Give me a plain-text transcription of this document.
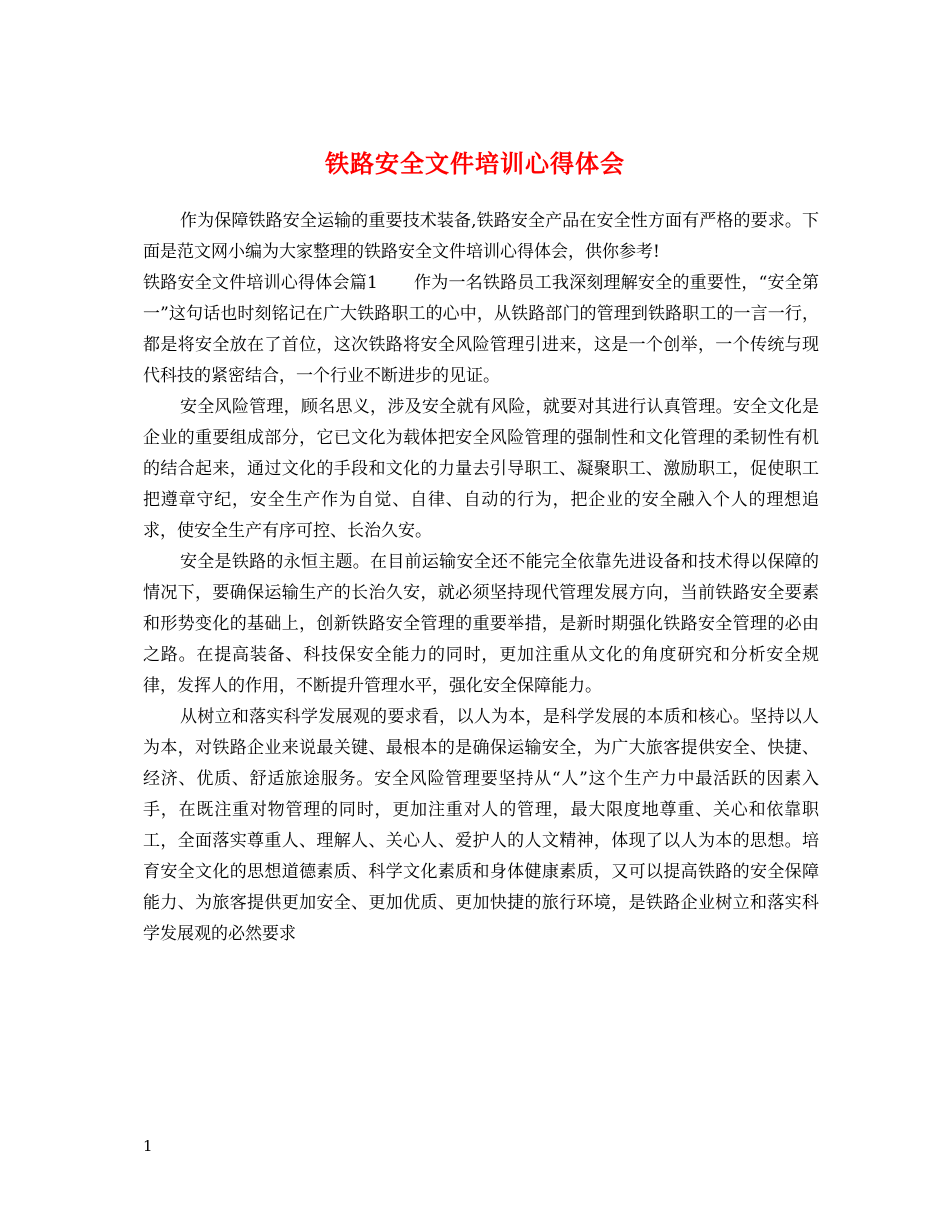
铁路安全文件培训心得体会

作为保障铁路安全运输的重要技术装备,铁路安全产品在安全性方面有严格的要求。下面是范文网小编为大家整理的铁路安全文件培训心得体会，供你参考!

铁路安全文件培训心得体会篇1 作为一名铁路员工我深刻理解安全的重要性，“安全第一”这句话也时刻铭记在广大铁路职工的心中，从铁路部门的管理到铁路职工的一言一行，都是将安全放在了首位，这次铁路将安全风险管理引进来，这是一个创举，一个传统与现代科技的紧密结合，一个行业不断进步的见证。

安全风险管理，顾名思义，涉及安全就有风险，就要对其进行认真管理。安全文化是企业的重要组成部分，它已文化为载体把安全风险管理的强制性和文化管理的柔韧性有机的结合起来，通过文化的手段和文化的力量去引导职工、凝聚职工、激励职工，促使职工把遵章守纪，安全生产作为自觉、自律、自动的行为，把企业的安全融入个人的理想追求，使安全生产有序可控、长治久安。

安全是铁路的永恒主题。在目前运输安全还不能完全依靠先进设备和技术得以保障的情况下，要确保运输生产的长治久安，就必须坚持现代管理发展方向，当前铁路安全要素和形势变化的基础上，创新铁路安全管理的重要举措，是新时期强化铁路安全管理的必由之路。在提高装备、科技保安全能力的同时，更加注重从文化的角度研究和分析安全规律，发挥人的作用，不断提升管理水平，强化安全保障能力。

从树立和落实科学发展观的要求看，以人为本，是科学发展的本质和核心。坚持以人为本，对铁路企业来说最关键、最根本的是确保运输安全，为广大旅客提供安全、快捷、经济、优质、舒适旅途服务。安全风险管理要坚持从“人”这个生产力中最活跃的因素入手，在既注重对物管理的同时，更加注重对人的管理，最大限度地尊重、关心和依靠职工，全面落实尊重人、理解人、关心人、爱护人的人文精神，体现了以人为本的思想。培育安全文化的思想道德素质、科学文化素质和身体健康素质，又可以提高铁路的安全保障能力、为旅客提供更加安全、更加优质、更加快捷的旅行环境，是铁路企业树立和落实科学发展观的必然要求

1
